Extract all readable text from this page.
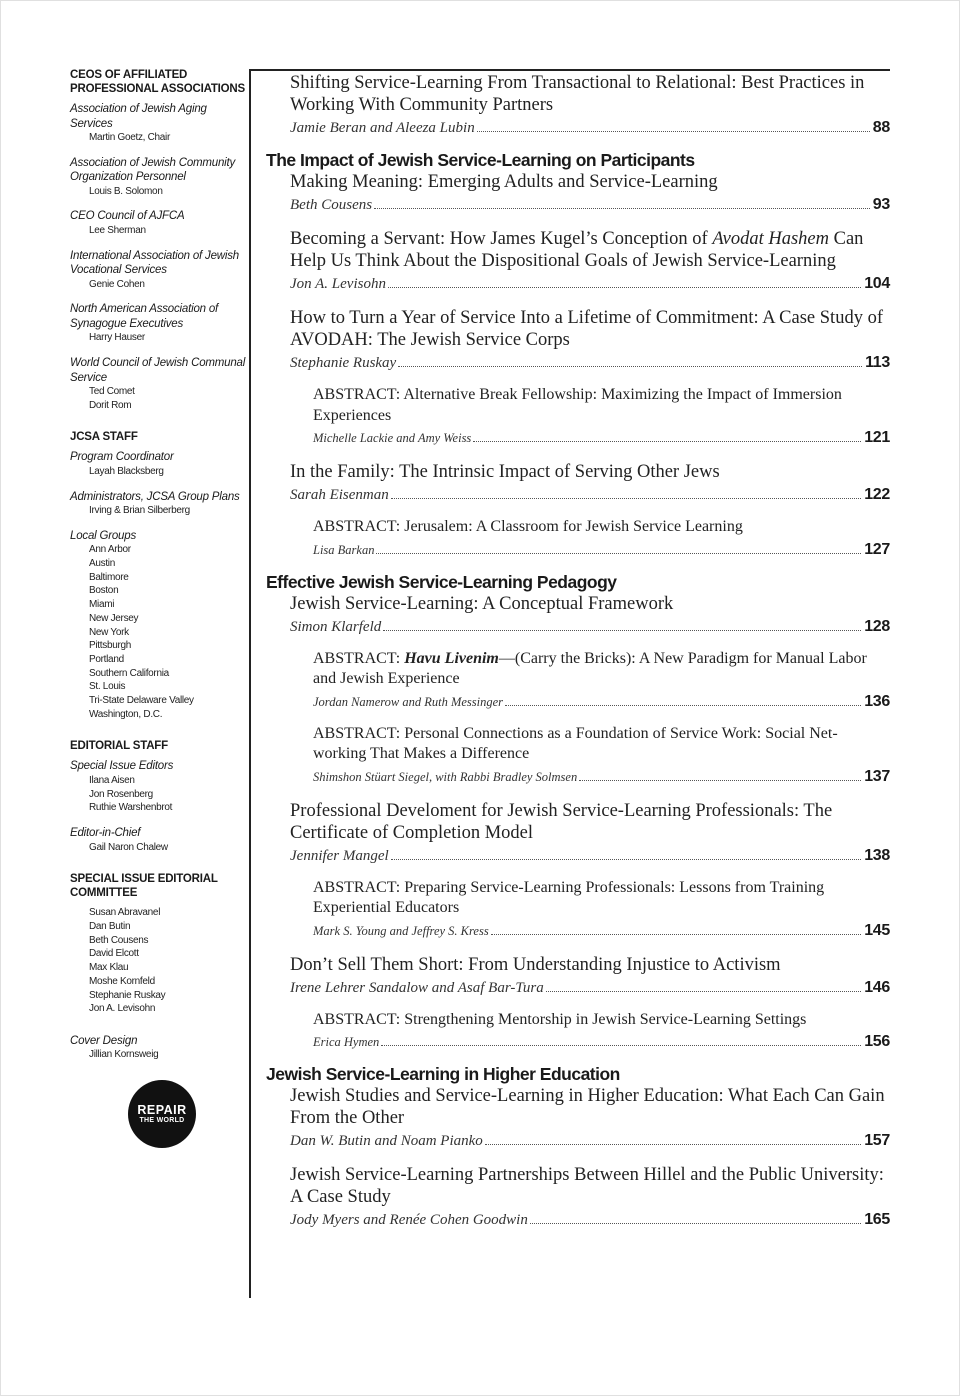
CEOS OF AFFILIATED PROFESSIONAL ASSOCIATIONS
Association of Jewish Aging Services
Martin Goetz, Chair
Association of Jewish Community Organization Personnel
Louis B. Solomon
CEO Council of AJFCA
Lee Sherman
International Association of Jewish Vocational Services
Genie Cohen
North American Association of Synagogue Executives
Harry Hauser
World Council of Jewish Communal Service
Ted Comet
Dorit Rom
JCSA STAFF
Program Coordinator
Layah Blacksberg
Administrators, JCSA Group Plans
Irving & Brian Silberberg
Local Groups
Ann Arbor
Austin
Baltimore
Boston
Miami
New Jersey
New York
Pittsburgh
Portland
Southern California
St. Louis
Tri-State Delaware Valley
Washington, D.C.
EDITORIAL STAFF
Special Issue Editors
Ilana Aisen
Jon Rosenberg
Ruthie Warshenbrot
Editor-in-Chief
Gail Naron Chalew
SPECIAL ISSUE EDITORIAL COMMITTEE
Susan Abravanel
Dan Butin
Beth Cousens
David Elcott
Max Klau
Moshe Kornfeld
Stephanie Ruskay
Jon A. Levisohn
Cover Design
Jillian Kornsweig
REPAIR
THE WORLD
Shifting Service-Learning From Transactional to Relational: Best Practices in Working With Community Partners
Jamie Beran and Aleeza Lubin	88
The Impact of Jewish Service-Learning on Participants
Making Meaning: Emerging Adults and Service-Learning
Beth Cousens	93
Becoming a Servant: How James Kugel’s Conception of Avodat Hashem Can Help Us Think About the Dispositional Goals of Jewish Service-Learning
Jon A. Levisohn	104
How to Turn a Year of Service Into a Lifetime of Commitment: A Case Study of AVODAH: The Jewish Service Corps
Stephanie Ruskay	113
ABSTRACT: Alternative Break Fellowship: Maximizing the Impact of Immersion Experiences
Michelle Lackie and Amy Weiss	121
In the Family: The Intrinsic Impact of Serving Other Jews
Sarah Eisenman	122
ABSTRACT: Jerusalem: A Classroom for Jewish Service Learning
Lisa Barkan	127
Effective Jewish Service-Learning Pedagogy
Jewish Service-Learning: A Conceptual Framework
Simon Klarfeld	128
ABSTRACT: Havu Livenim—(Carry the Bricks): A New Paradigm for Manual Labor and Jewish Experience
Jordan Namerow and Ruth Messinger	136
ABSTRACT: Personal Connections as a Foundation of Service Work: Social Net-working That Makes a Difference
Shimshon Stüart Siegel, with Rabbi Bradley Solmsen	137
Professional Develoment for Jewish Service-Learning Professionals: The Certificate of Completion Model
Jennifer Mangel	138
ABSTRACT: Preparing Service-Learning Professionals: Lessons from Training Experiential Educators
Mark S. Young and Jeffrey S. Kress	145
Don’t Sell Them Short: From Understanding Injustice to Activism
Irene Lehrer Sandalow and Asaf Bar-Tura	146
ABSTRACT: Strengthening Mentorship in Jewish Service-Learning Settings
Erica Hymen	156
Jewish Service-Learning in Higher Education
Jewish Studies and Service-Learning in Higher Education: What Each Can Gain From the Other
Dan W. Butin and Noam Pianko	157
Jewish Service-Learning Partnerships Between Hillel and the Public University: A Case Study
Jody Myers and Renée Cohen Goodwin	165
